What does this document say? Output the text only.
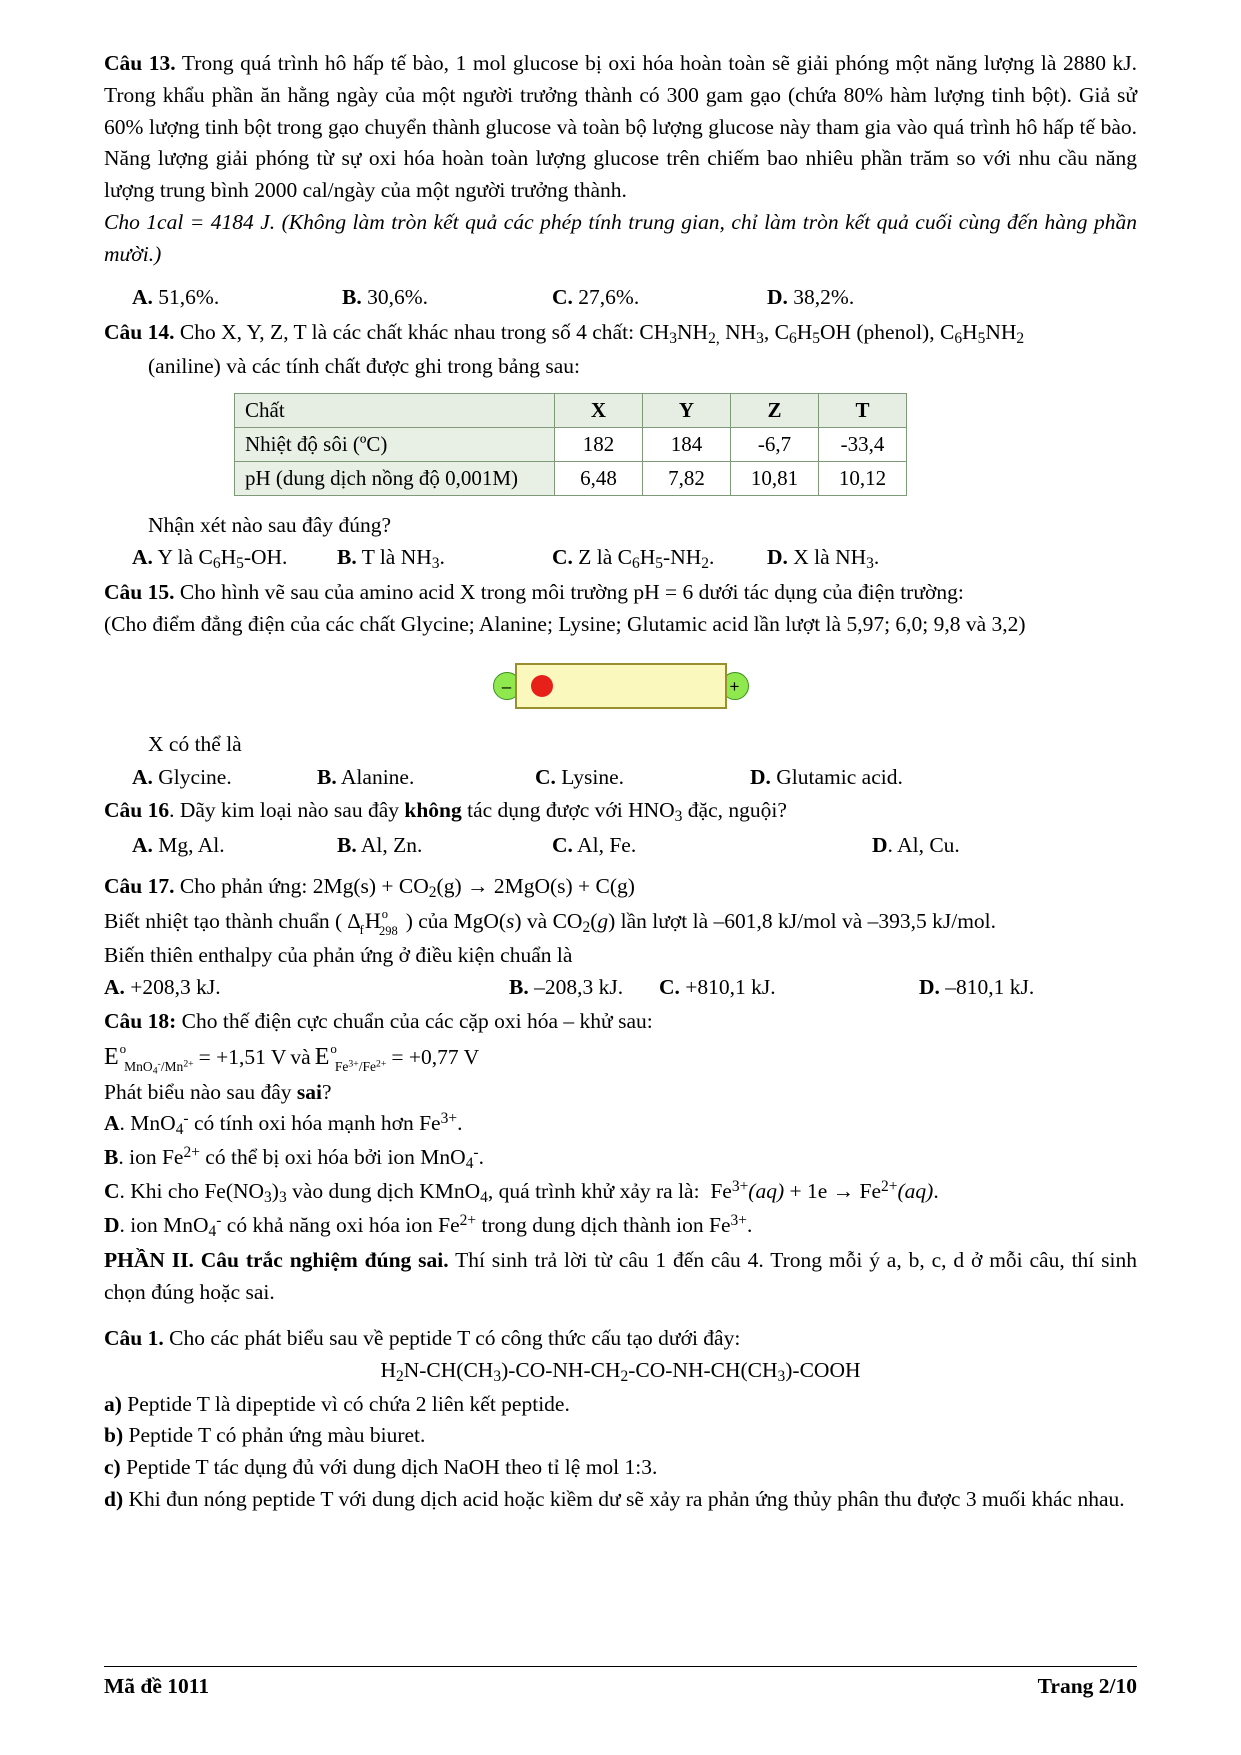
Câu 13. Trong quá trình hô hấp tế bào, 1 mol glucose bị oxi hóa hoàn toàn sẽ giải phóng một năng lượng là 2880 kJ. Trong khẩu phần ăn hằng ngày của một người trưởng thành có 300 gam gạo (chứa 80% hàm lượng tinh bột). Giả sử 60% lượng tinh bột trong gạo chuyển thành glucose và toàn bộ lượng glucose này tham gia vào quá trình hô hấp tế bào. Năng lượng giải phóng từ sự oxi hóa hoàn toàn lượng glucose trên chiếm bao nhiêu phần trăm so với nhu cầu năng lượng trung bình 2000 cal/ngày của một người trưởng thành.

Cho 1cal = 4184 J. (Không làm tròn kết quả các phép tính trung gian, chỉ làm tròn kết quả cuối cùng đến hàng phần mười.)

A. 51,6%.	B. 30,6%.	C. 27,6%.	D. 38,2%.

Câu 14. Cho X, Y, Z, T là các chất khác nhau trong số 4 chất: $CH_3NH_{2,}$ $NH_3$, $C_6H_5OH$ (phenol), $C_6H_5NH_2$

(aniline) và các tính chất được ghi trong bảng sau:

Chất	X	Y	Z	T
Nhiệt độ sôi (ºC)	182	184	-6,7	-33,4
pH (dung dịch nồng độ 0,001M)	6,48	7,82	10,81	10,12

Nhận xét nào sau đây đúng?

A. Y là $C_6H_5-OH$.	B. T là $NH_3$.	C. Z là $C_6H_5-NH_2$.	D. X là $NH_3$.

Câu 15. Cho hình vẽ sau của amino acid X trong môi trường pH = 6 dưới tác dụng của điện trường:

(Cho điểm đẳng điện của các chất Glycine; Alanine; Lysine; Glutamic acid lần lượt là 5,97; 6,0; 9,8 và 3,2)

–	+

X có thể là

A. Glycine.	B. Alanine.	C. Lysine.	D. Glutamic acid.

Câu 16. Dãy kim loại nào sau đây không tác dụng được với $HNO_3$ đặc, nguội?

A. Mg, Al.	B. Al, Zn.	C. Al, Fe.	D. Al, Cu.

Câu 17. Cho phản ứng: $2Mg(s) + CO_2(g) \to 2MgO(s) + C(g)$

Biết nhiệt tạo thành chuẩn ( $\Delta_fH^o_{298}$ ) của MgO(s) và $CO_2(g)$ lần lượt là –601,8 kJ/mol và –393,5 kJ/mol.

Biến thiên enthalpy của phản ứng ở điều kiện chuẩn là

A. +208,3 kJ.	B. –208,3 kJ.	C. +810,1 kJ.	D. –810,1 kJ.

Câu 18: Cho thế điện cực chuẩn của các cặp oxi hóa – khử sau:

$E^o_{MnO_4^-/Mn^{2+}} = +1,51$ V và $E^o_{Fe^{3+}/Fe^{2+}} = +0,77$ V

Phát biểu nào sau đây sai?

A. MnO$_4$- có tính oxi hóa mạnh hơn $Fe^{3+}$.

B. ion $Fe^{2+}$ có thể bị oxi hóa bởi ion MnO$_4$-.

C. Khi cho $Fe(NO_3)_3$ vào dung dịch KMnO$_4$, quá trình khử xảy ra là:  $Fe^{3+}(aq) + 1e \to Fe^{2+}(aq)$.

D. ion MnO$_4$- có khả năng oxi hóa ion $Fe^{2+}$ trong dung dịch thành ion $Fe^{3+}$.

PHẦN II. Câu trắc nghiệm đúng sai. Thí sinh trả lời từ câu 1 đến câu 4. Trong mỗi ý a, b, c, d ở mỗi câu, thí sinh chọn đúng hoặc sai.

Câu 1. Cho các phát biểu sau về peptide T có công thức cấu tạo dưới đây:

$H_2N-CH(CH_3)-CO-NH-CH_2-CO-NH-CH(CH_3)$-COOH

a) Peptide T là dipeptide vì có chứa 2 liên kết peptide.

b) Peptide T có phản ứng màu biuret.

c) Peptide T tác dụng đủ với dung dịch NaOH theo tỉ lệ mol 1:3.

d) Khi đun nóng peptide T với dung dịch acid hoặc kiềm dư sẽ xảy ra phản ứng thủy phân thu được 3 muối khác nhau.

Mã đề 1011	Trang 2/10
